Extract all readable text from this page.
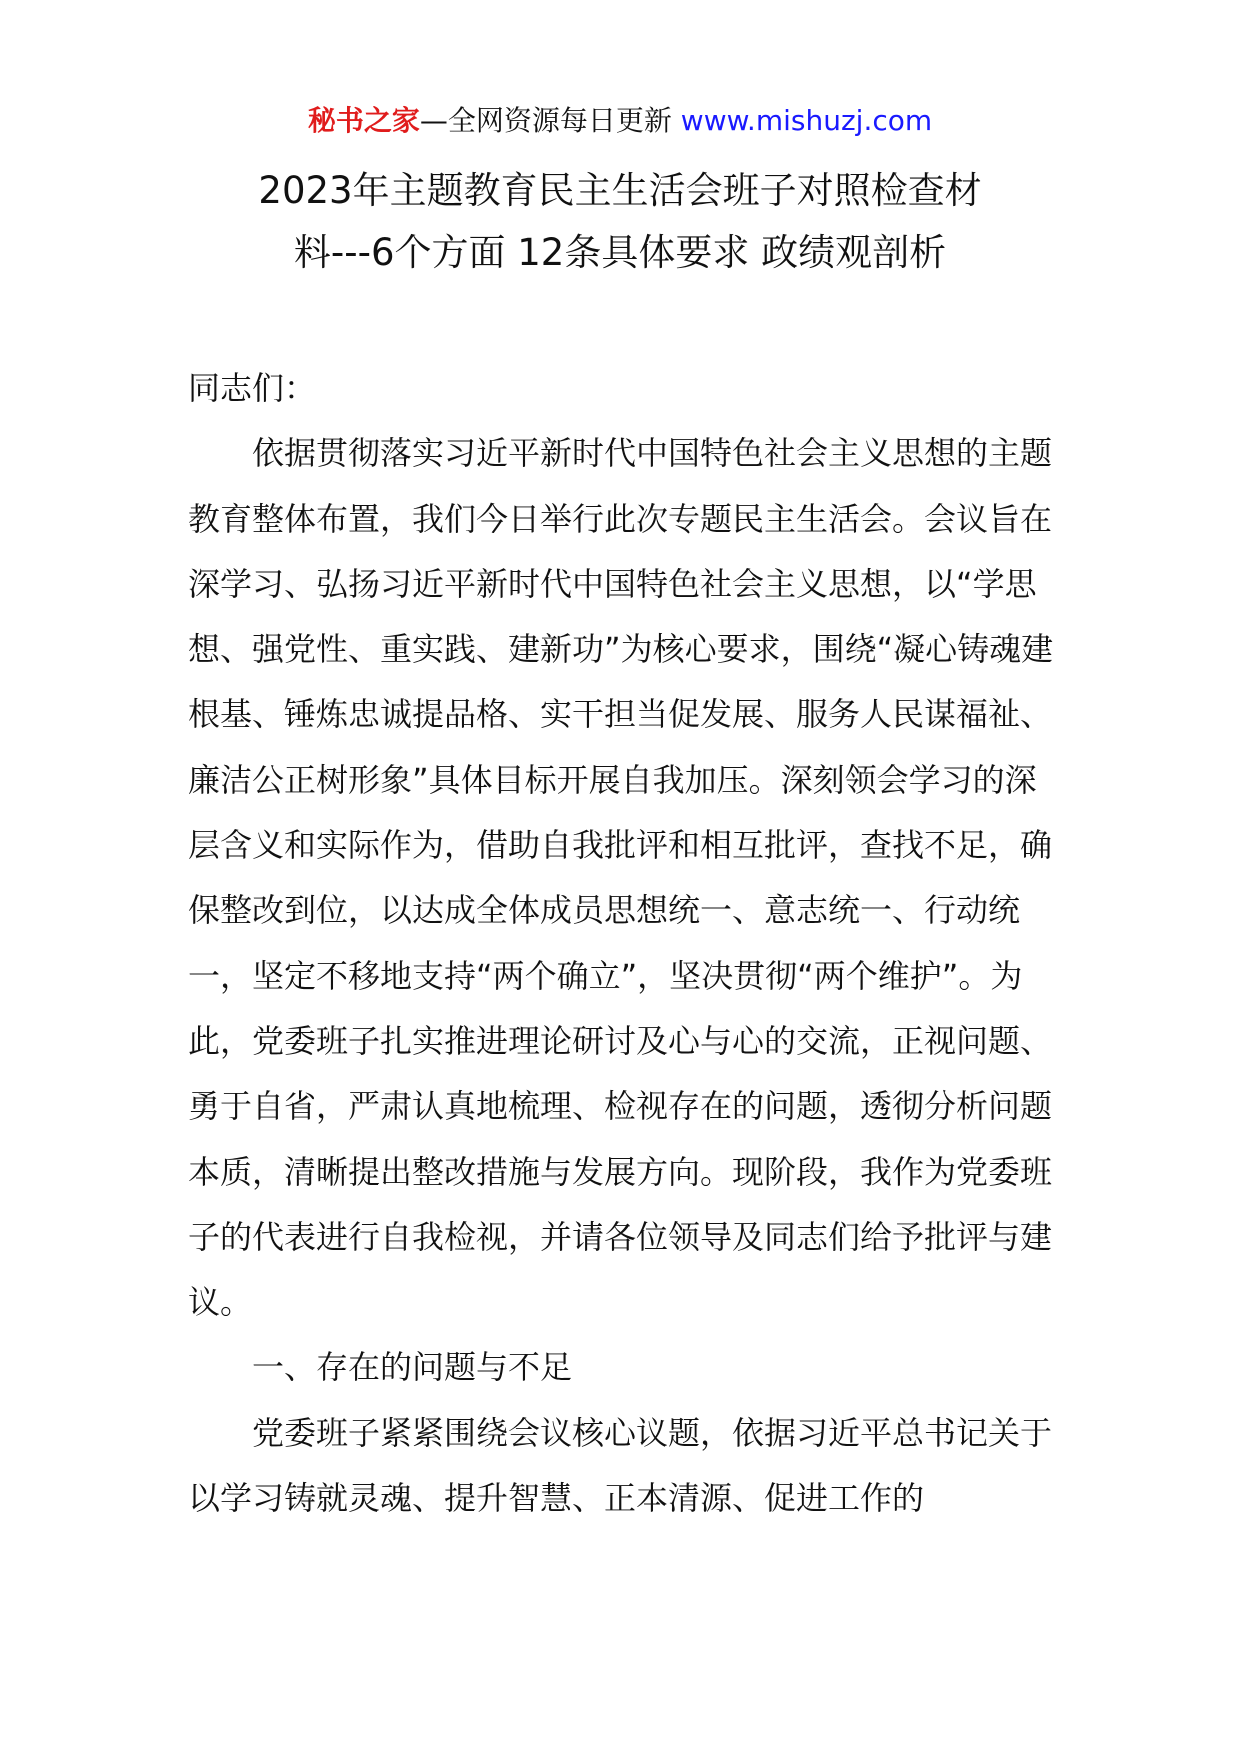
秘书之家—全网资源每日更新 www.mishuzj.com
2023年主题教育民主生活会班子对照检查材
料---6个方面 12条具体要求 政绩观剖析

同志们：

依据贯彻落实习近平新时代中国特色社会主义思想的主题教育整体布置，我们今日举行此次专题民主生活会。会议旨在深学习、弘扬习近平新时代中国特色社会主义思想，以“学思想、强党性、重实践、建新功”为核心要求，围绕“凝心铸魂建根基、锤炼忠诚提品格、实干担当促发展、服务人民谋福祉、廉洁公正树形象”具体目标开展自我加压。深刻领会学习的深层含义和实际作为，借助自我批评和相互批评，查找不足，确保整改到位，以达成全体成员思想统一、意志统一、行动统一，坚定不移地支持“两个确立”，坚决贯彻“两个维护”。为此，党委班子扎实推进理论研讨及心与心的交流，正视问题、勇于自省，严肃认真地梳理、检视存在的问题，透彻分析问题本质，清晰提出整改措施与发展方向。现阶段，我作为党委班子的代表进行自我检视，并请各位领导及同志们给予批评与建议。

一、存在的问题与不足

党委班子紧紧围绕会议核心议题，依据习近平总书记关于以学习铸就灵魂、提升智慧、正本清源、促进工作的
